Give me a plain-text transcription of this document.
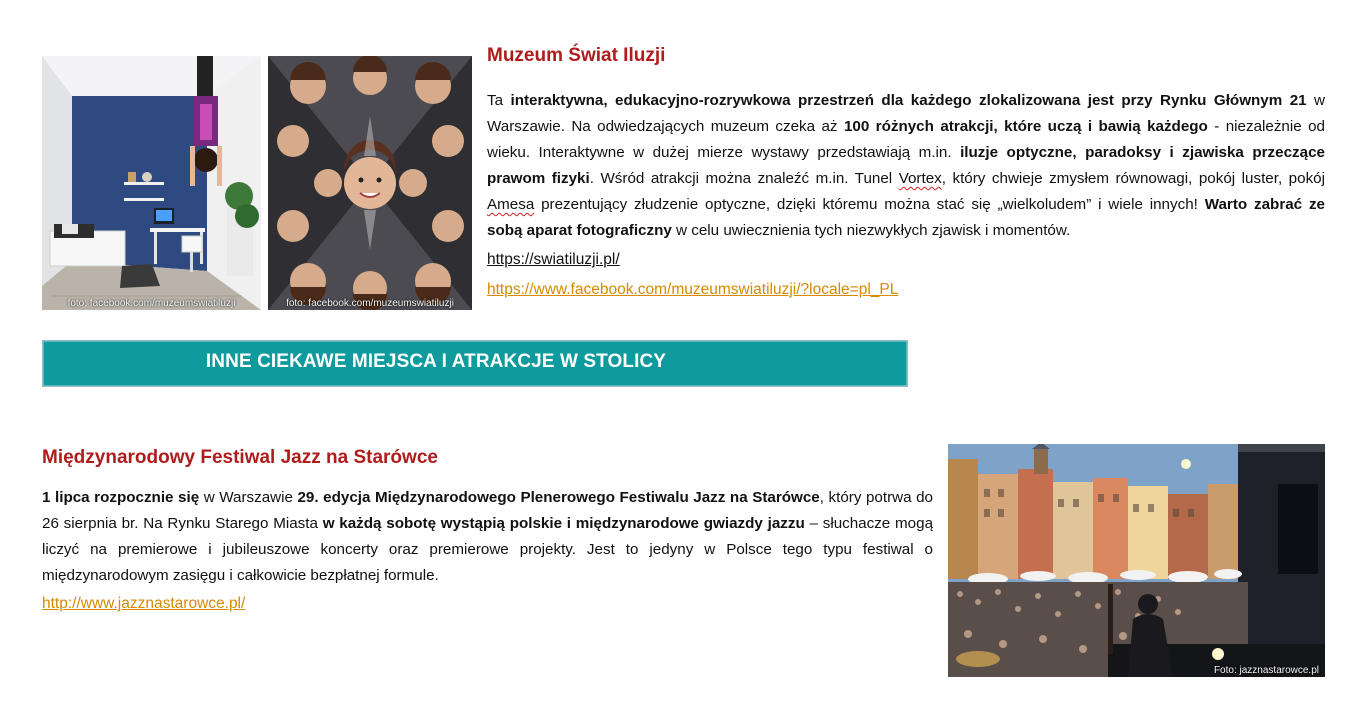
foto: facebook.com/muzeumswiatiluzji	foto: facebook.com/muzeumswiatiluzji
Muzeum Świat Iluzji
Ta interaktywna, edukacyjno-rozrywkowa przestrzeń dla każdego zlokalizowana jest przy Rynku Głównym 21 w Warszawie. Na odwiedzających muzeum czeka aż 100 różnych atrakcji, które uczą i bawią każdego - niezależnie od wieku. Interaktywne w dużej mierze wystawy przedstawiają m.in. iluzje optyczne, paradoksy i zjawiska przeczące prawom fizyki. Wśród atrakcji można znaleźć m.in. Tunel Vortex, który chwieje zmysłem równowagi, pokój luster, pokój Amesa prezentujący złudzenie optyczne, dzięki któremu można stać się „wielkoludem” i wiele innych! Warto zabrać ze sobą aparat fotograficzny w celu uwiecznienia tych niezwykłych zjawisk i momentów.
https://swiatiluzji.pl/
https://www.facebook.com/muzeumswiatiluzji/?locale=pl_PL
INNE CIEKAWE MIEJSCA I ATRAKCJE W STOLICY
Międzynarodowy Festiwal Jazz na Starówce
1 lipca rozpocznie się w Warszawie 29. edycja Międzynarodowego Plenerowego Festiwalu Jazz na Starówce, który potrwa do 26 sierpnia br. Na Rynku Starego Miasta w każdą sobotę wystąpią polskie i międzynarodowe gwiazdy jazzu – słuchacze mogą liczyć na premierowe i jubileuszowe koncerty oraz premierowe projekty. Jest to jedyny w Polsce tego typu festiwal o międzynarodowym zasięgu i całkowicie bezpłatnej formule.
http://www.jazznastarowce.pl/
Foto: jazznastarowce.pl
